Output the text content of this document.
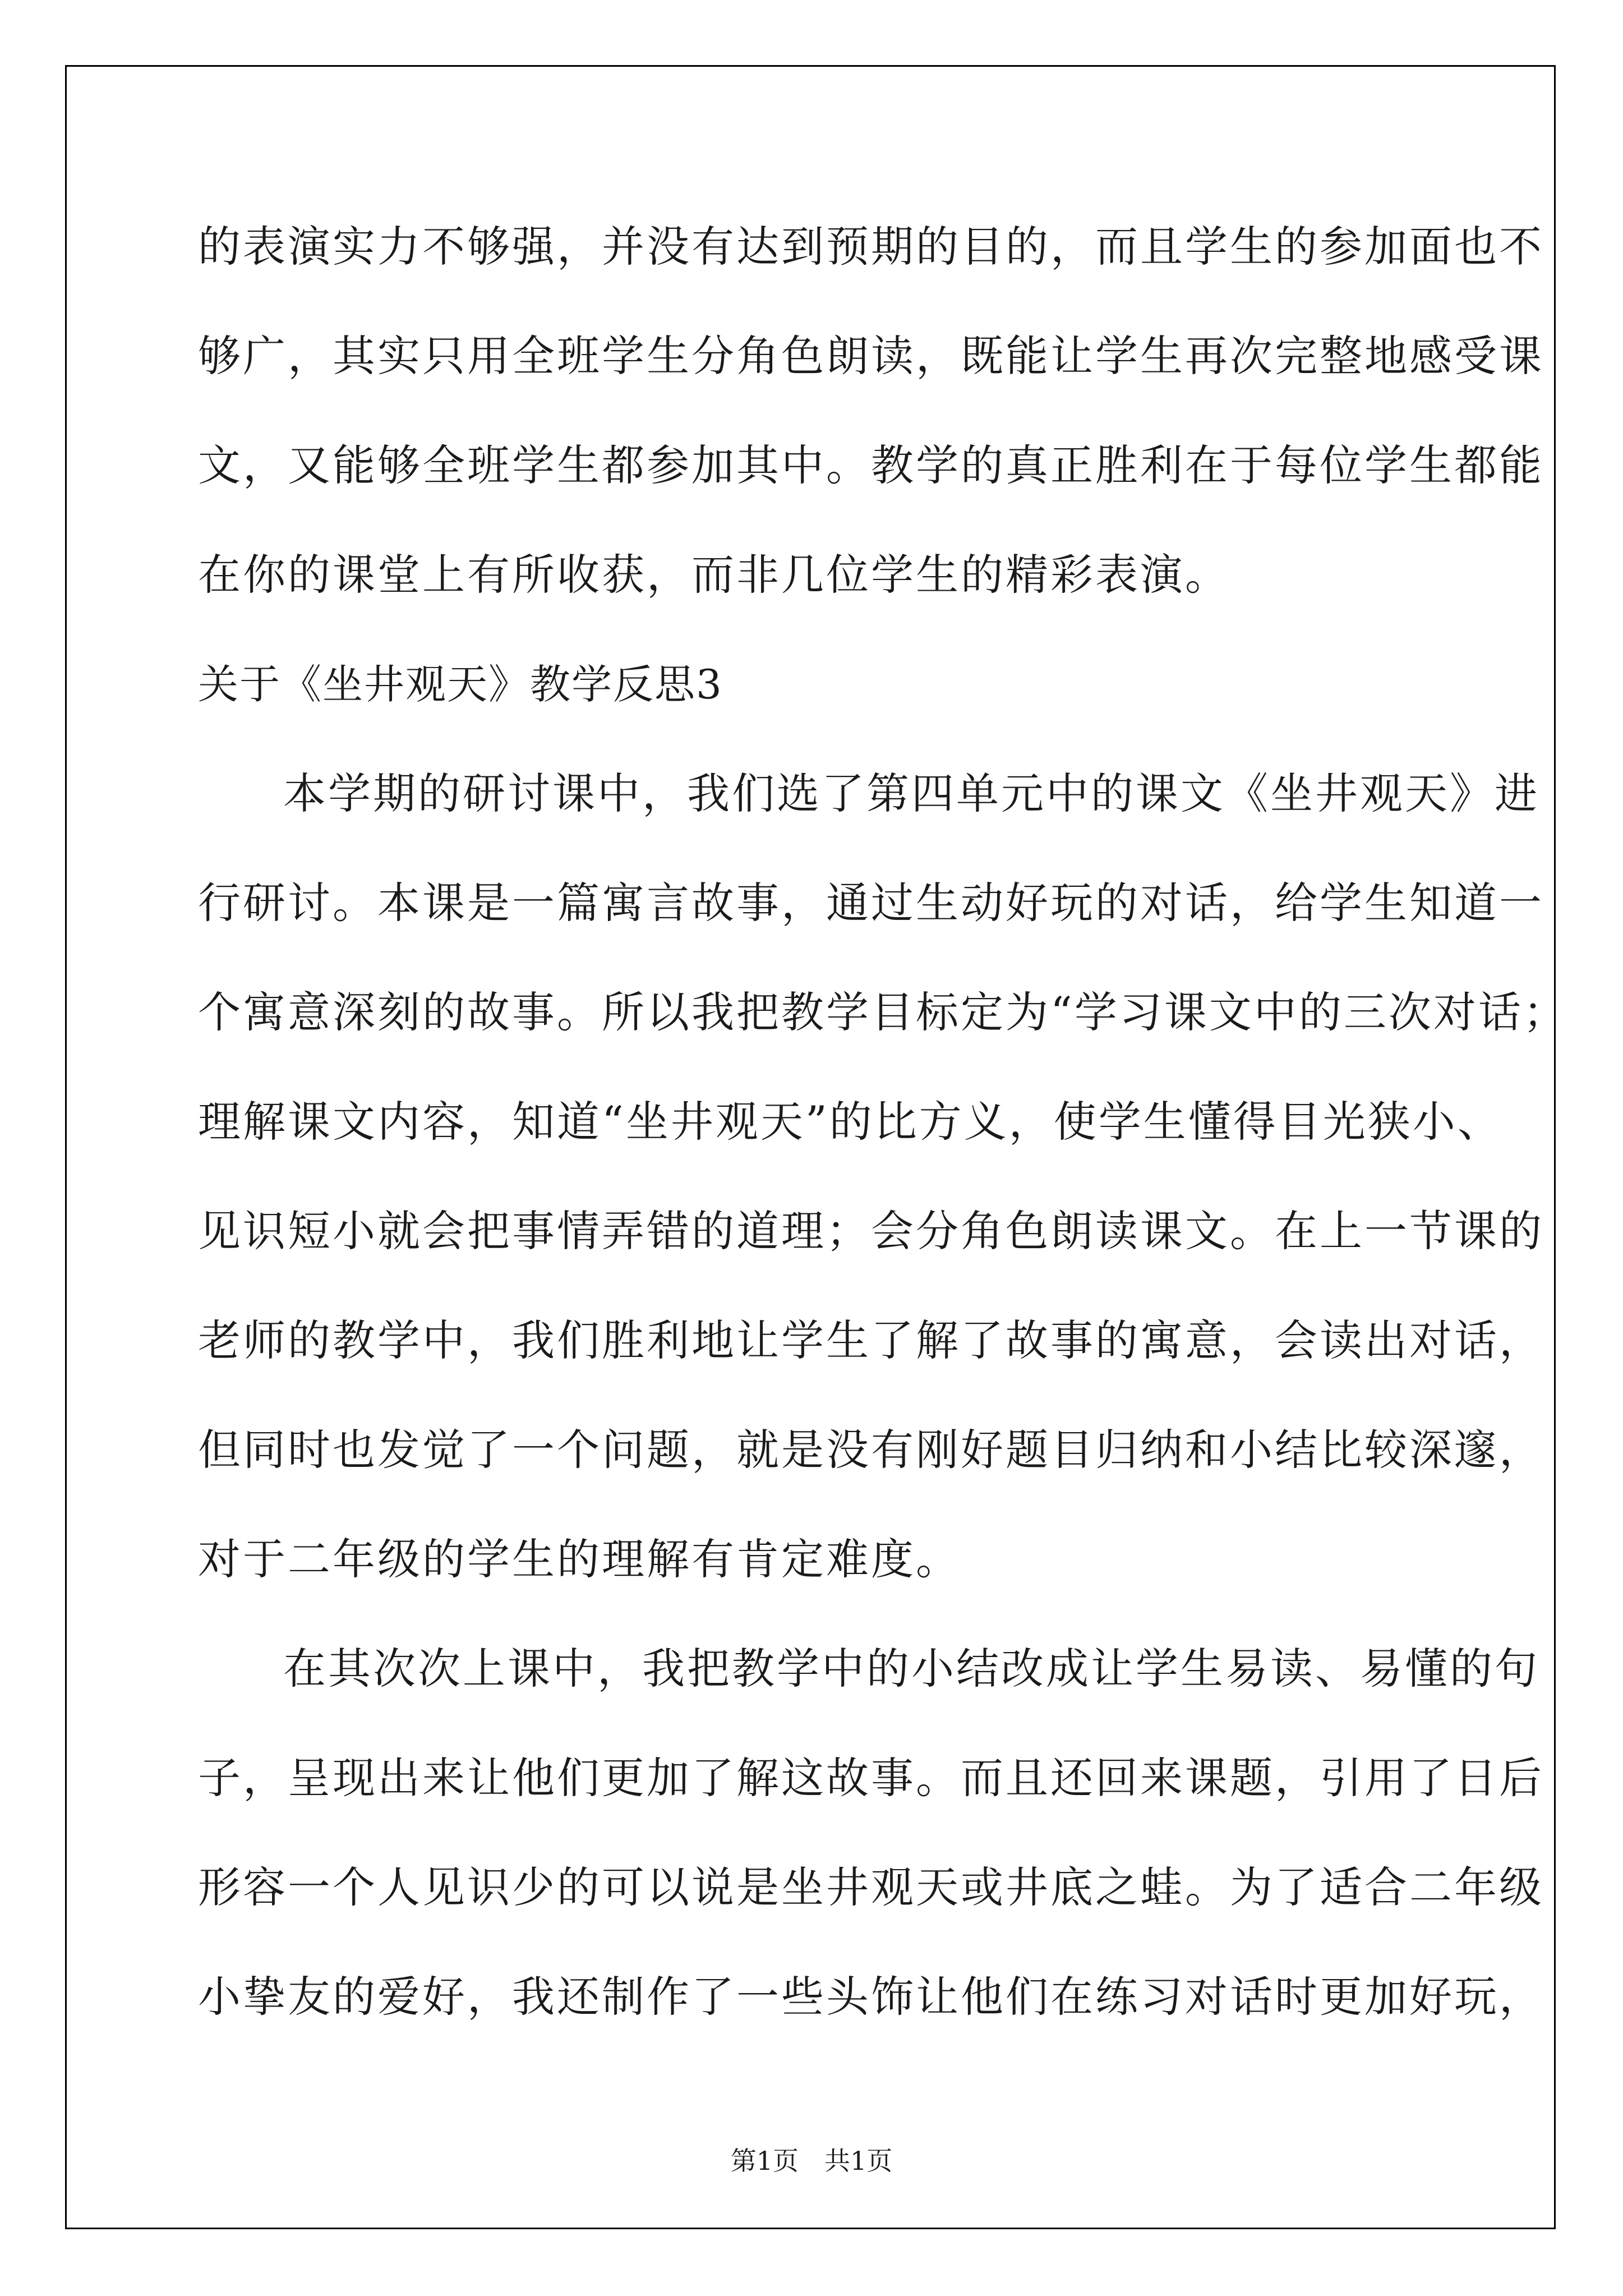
的表演实力不够强，并没有达到预期的目的，而且学生的参加面也不
够广，其实只用全班学生分角色朗读，既能让学生再次完整地感受课
文，又能够全班学生都参加其中。教学的真正胜利在于每位学生都能
在你的课堂上有所收获，而非几位学生的精彩表演。
关于《坐井观天》教学反思3
本学期的研讨课中，我们选了第四单元中的课文《坐井观天》进
行研讨。本课是一篇寓言故事，通过生动好玩的对话，给学生知道一
个寓意深刻的故事。所以我把教学目标定为“学习课文中的三次对话；
理解课文内容，知道“坐井观天”的比方义，使学生懂得目光狭小、
见识短小就会把事情弄错的道理；会分角色朗读课文。在上一节课的
老师的教学中，我们胜利地让学生了解了故事的寓意，会读出对话，
但同时也发觉了一个问题，就是没有刚好题目归纳和小结比较深邃，
对于二年级的学生的理解有肯定难度。
在其次次上课中，我把教学中的小结改成让学生易读、易懂的句
子，呈现出来让他们更加了解这故事。而且还回来课题，引用了日后
形容一个人见识少的可以说是坐井观天或井底之蛙。为了适合二年级
小挚友的爱好，我还制作了一些头饰让他们在练习对话时更加好玩，
第1页　共1页
